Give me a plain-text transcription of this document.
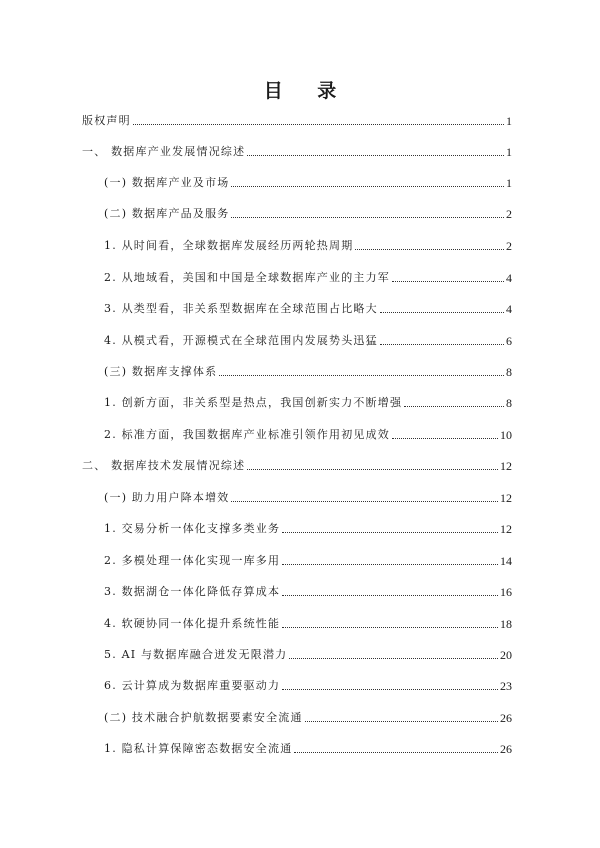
目 录
版权声明	1
一、 数据库产业发展情况综述	1
(一) 数据库产业及市场	1
(二) 数据库产品及服务	2
1. 从时间看，全球数据库发展经历两轮热周期	2
2. 从地域看，美国和中国是全球数据库产业的主力军	4
3. 从类型看，非关系型数据库在全球范围占比略大	4
4. 从模式看，开源模式在全球范围内发展势头迅猛	6
(三) 数据库支撑体系	8
1. 创新方面，非关系型是热点，我国创新实力不断增强	8
2. 标准方面，我国数据库产业标准引领作用初见成效	10
二、 数据库技术发展情况综述	12
(一) 助力用户降本增效	12
1. 交易分析一体化支撑多类业务	12
2. 多模处理一体化实现一库多用	14
3. 数据湖仓一体化降低存算成本	16
4. 软硬协同一体化提升系统性能	18
5. AI 与数据库融合迸发无限潜力	20
6. 云计算成为数据库重要驱动力	23
(二) 技术融合护航数据要素安全流通	26
1. 隐私计算保障密态数据安全流通	26
